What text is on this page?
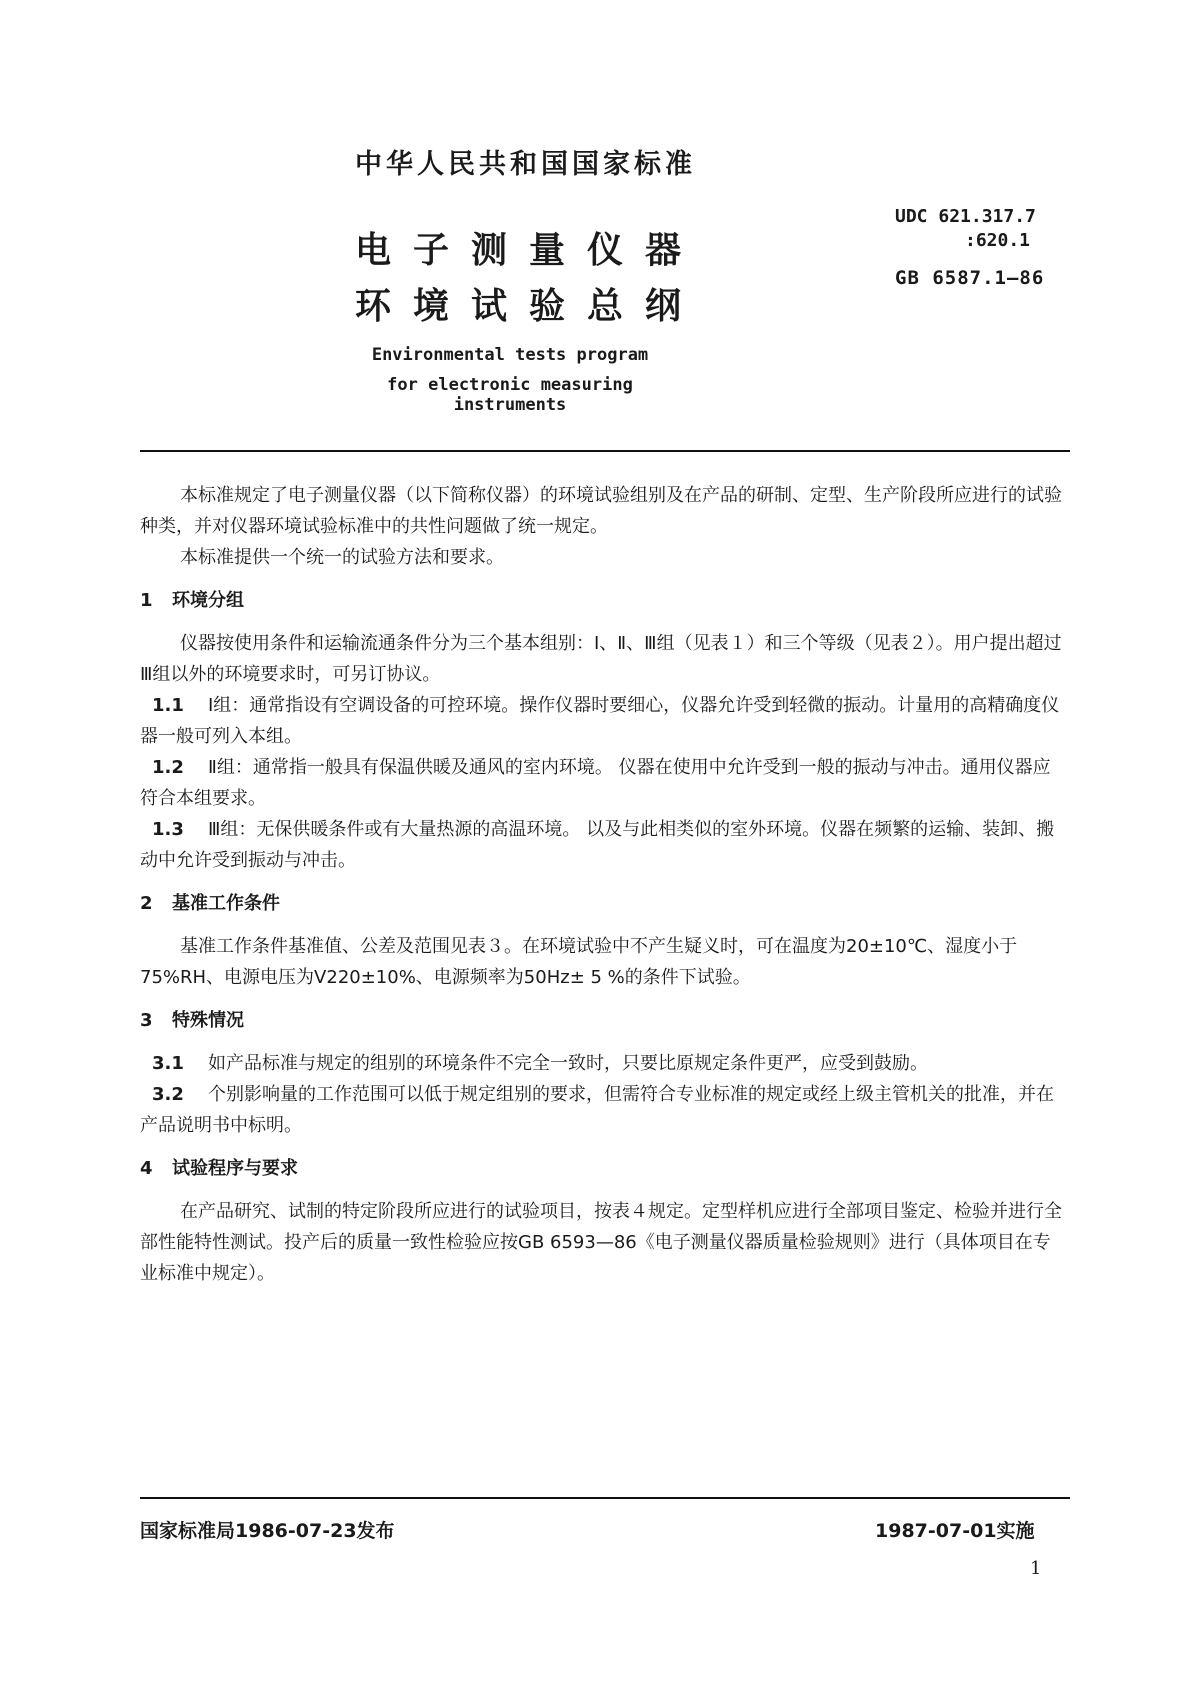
中华人民共和国国家标准
电子测量仪器
环境试验总纲
UDC 621.317.7
:620.1
GB 6587.1—86
Environmental tests program
for electronic measuring instruments

本标准规定了电子测量仪器（以下简称仪器）的环境试验组别及在产品的研制、定型、生产阶段所应进行的试验种类，并对仪器环境试验标准中的共性问题做了统一规定。

本标准提供一个统一的试验方法和要求。

1 环境分组

仪器按使用条件和运输流通条件分为三个基本组别：Ⅰ、Ⅱ、Ⅲ组（见表１）和三个等级（见表２）。用户提出超过Ⅲ组以外的环境要求时，可另订协议。

1.1 Ⅰ组：通常指设有空调设备的可控环境。操作仪器时要细心，仪器允许受到轻微的振动。计量用的高精确度仪器一般可列入本组。

1.2 Ⅱ组：通常指一般具有保温供暖及通风的室内环境。 仪器在使用中允许受到一般的振动与冲击。通用仪器应符合本组要求。

1.3 Ⅲ组：无保供暖条件或有大量热源的高温环境。 以及与此相类似的室外环境。仪器在频繁的运输、装卸、搬动中允许受到振动与冲击。

2 基准工作条件

基准工作条件基准值、公差及范围见表３。在环境试验中不产生疑义时，可在温度为20±10℃、湿度小于75%RH、电源电压为V220±10%、电源频率为50Hz± 5 %的条件下试验。

3 特殊情况

3.1 如产品标准与规定的组别的环境条件不完全一致时，只要比原规定条件更严，应受到鼓励。

3.2 个别影响量的工作范围可以低于规定组别的要求，但需符合专业标准的规定或经上级主管机关的批准，并在产品说明书中标明。

4 试验程序与要求

在产品研究、试制的特定阶段所应进行的试验项目，按表４规定。定型样机应进行全部项目鉴定、检验并进行全部性能特性测试。投产后的质量一致性检验应按GB 6593—86《电子测量仪器质量检验规则》进行（具体项目在专业标准中规定）。

国家标准局1986-07-23发布	1987-07-01实施
1
